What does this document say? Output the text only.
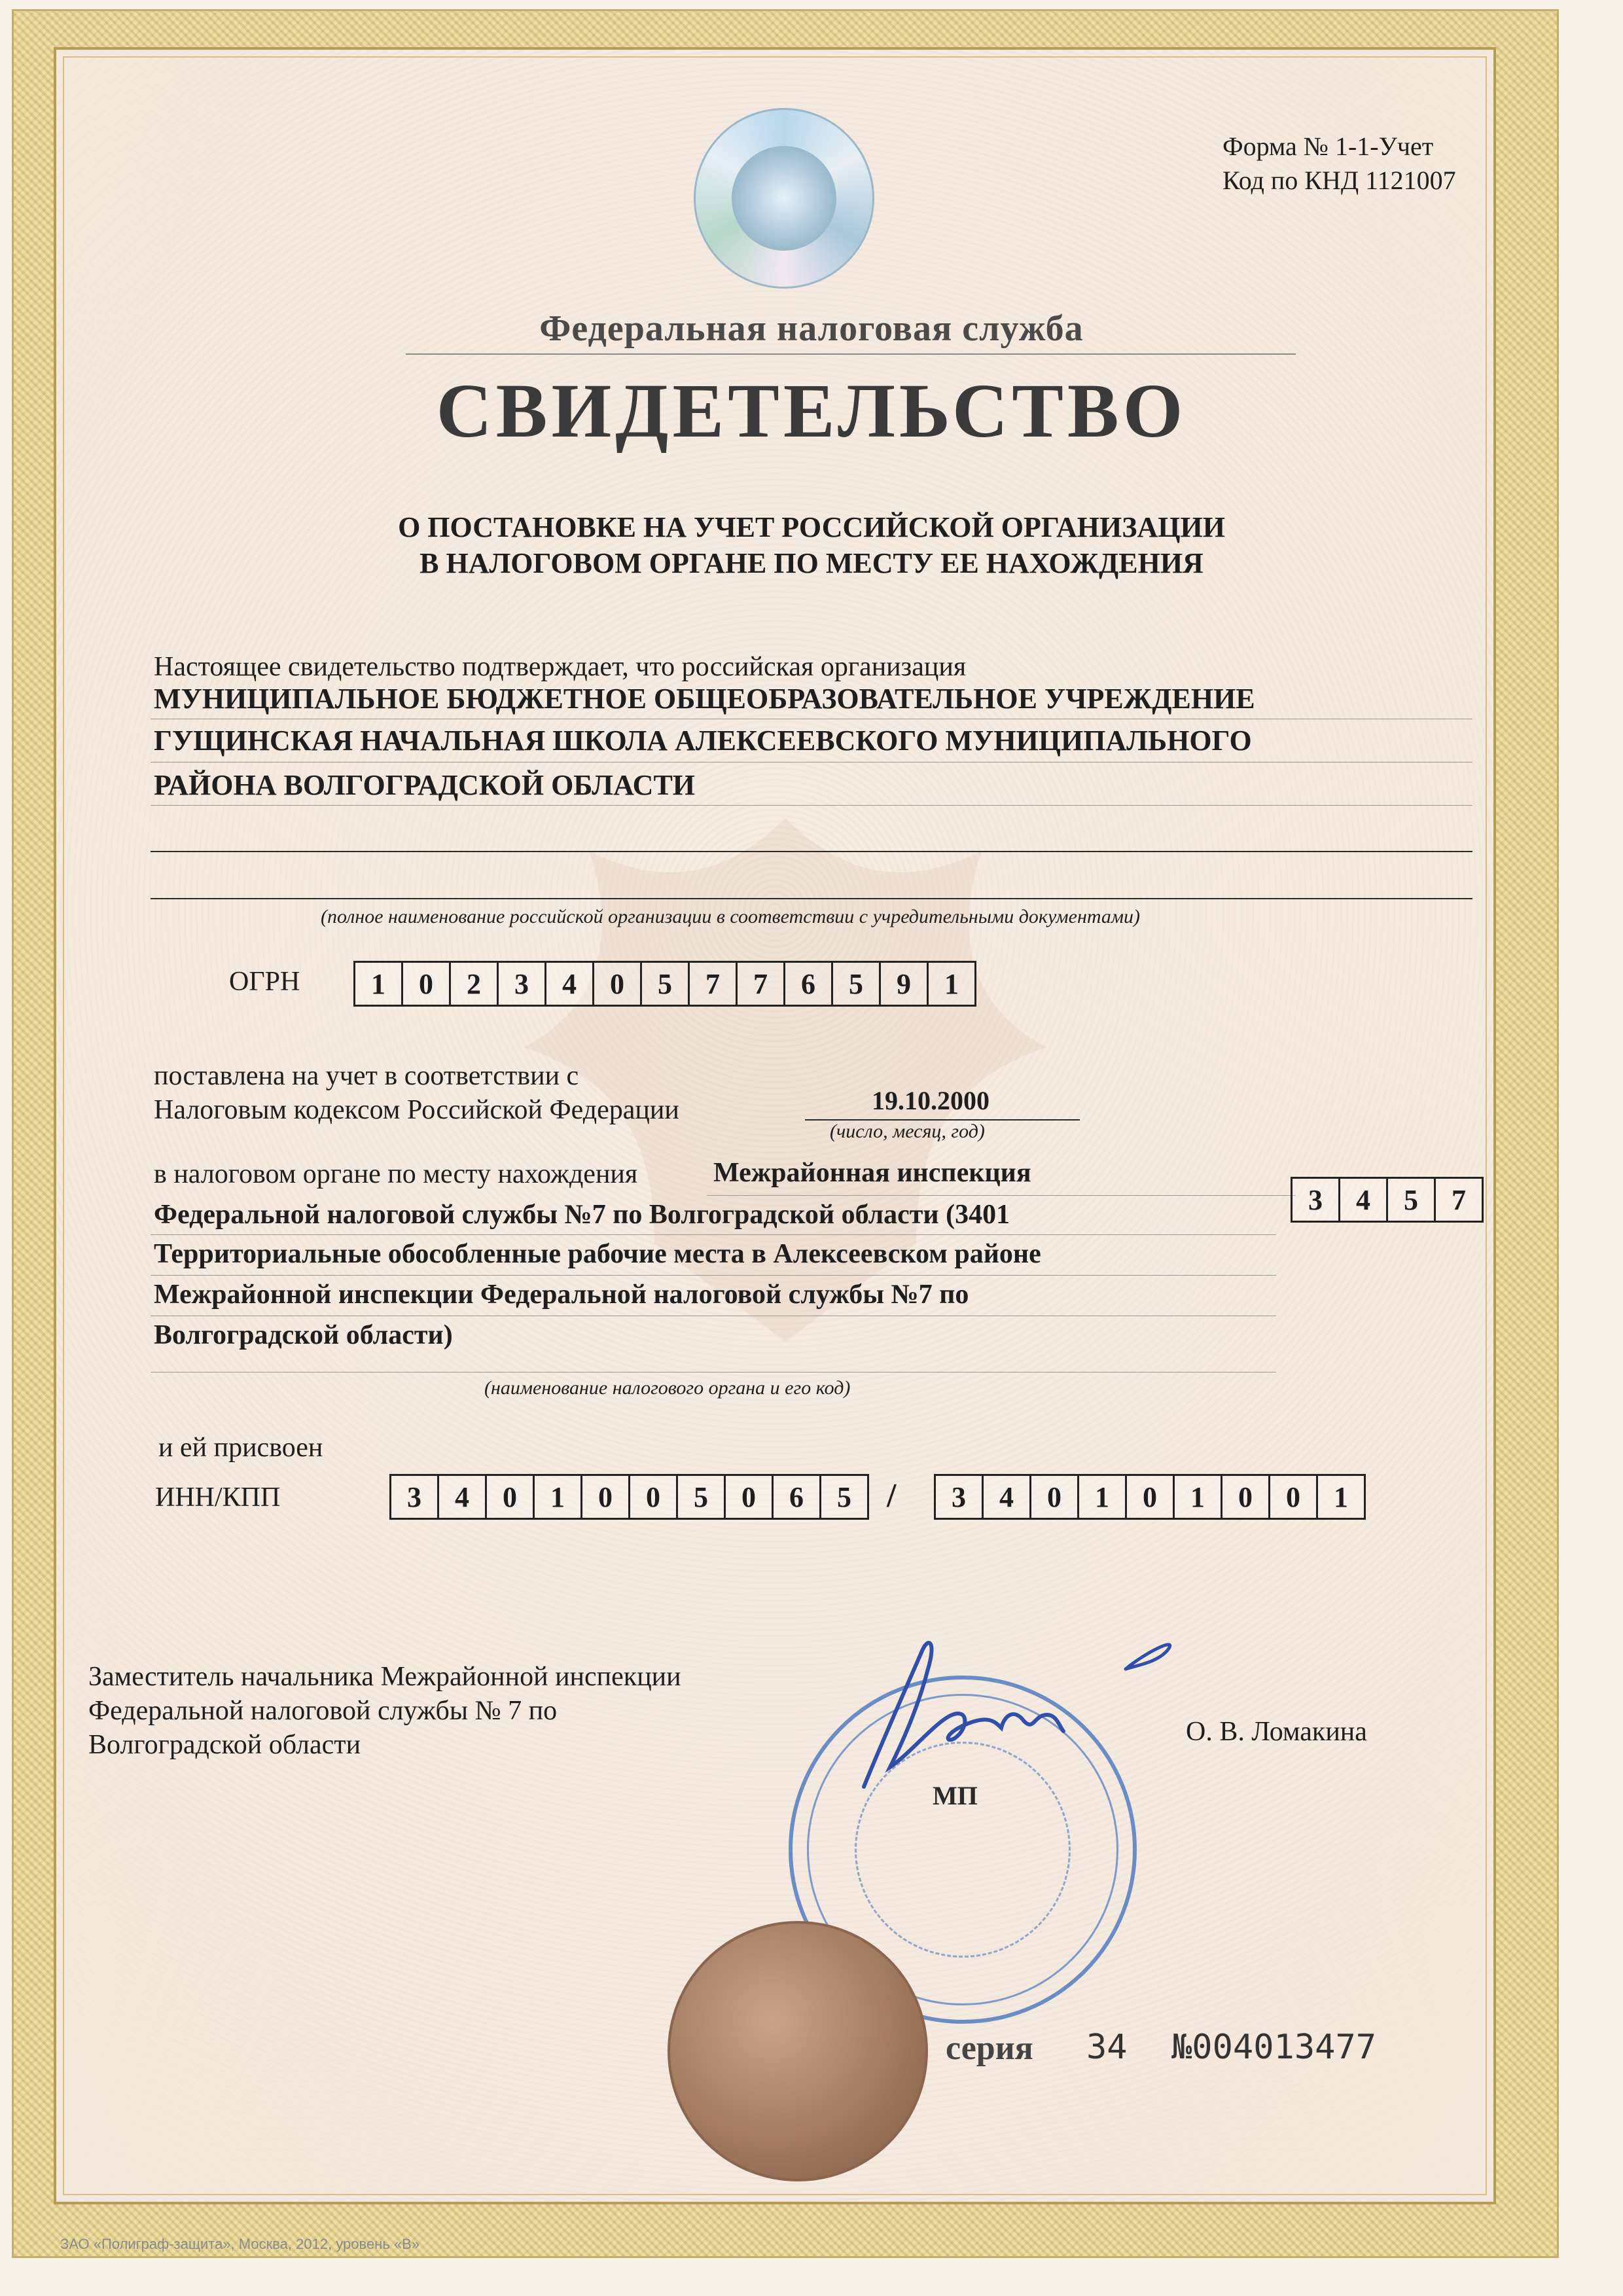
Форма № 1-1-Учет
Код по КНД 1121007
Федеральная налоговая служба
СВИДЕТЕЛЬСТВО
О ПОСТАНОВКЕ НА УЧЕТ РОССИЙСКОЙ ОРГАНИЗАЦИИ
В НАЛОГОВОМ ОРГАНЕ ПО МЕСТУ ЕЕ НАХОЖДЕНИЯ
Настоящее свидетельство подтверждает, что российская организация
МУНИЦИПАЛЬНОЕ БЮДЖЕТНОЕ ОБЩЕОБРАЗОВАТЕЛЬНОЕ УЧРЕЖДЕНИЕ
ГУЩИНСКАЯ НАЧАЛЬНАЯ ШКОЛА АЛЕКСЕЕВСКОГО МУНИЦИПАЛЬНОГО
РАЙОНА ВОЛГОГРАДСКОЙ ОБЛАСТИ
(полное наименование российской организации в соответствии с учредительными документами)
ОГРН	1	0	2	3	4	0	5	7	7	6	5	9	1
поставлена на учет в соответствии с
Налоговым кодексом Российской Федерации	19.10.2000
(число, месяц, год)
в налоговом органе по месту нахождения	Межрайонная инспекция
Федеральной налоговой службы №7 по Волгоградской области (3401
Территориальные обособленные рабочие места в Алексеевском районе
Межрайонной инспекции Федеральной налоговой службы №7 по
Волгоградской области)
(наименование налогового органа и его код)
3	4	5	7
и ей присвоен
ИНН/КПП	3	4	0	1	0	0	5	0	6	5	/	3	4	0	1	0	1	0	0	1
Заместитель начальника Межрайонной инспекции
Федеральной налоговой службы № 7 по
Волгоградской области	О. В. Ломакина
МП
серия 34 №004013477
ЗАО «Полиграф-защита», Москва, 2012, уровень «В»
